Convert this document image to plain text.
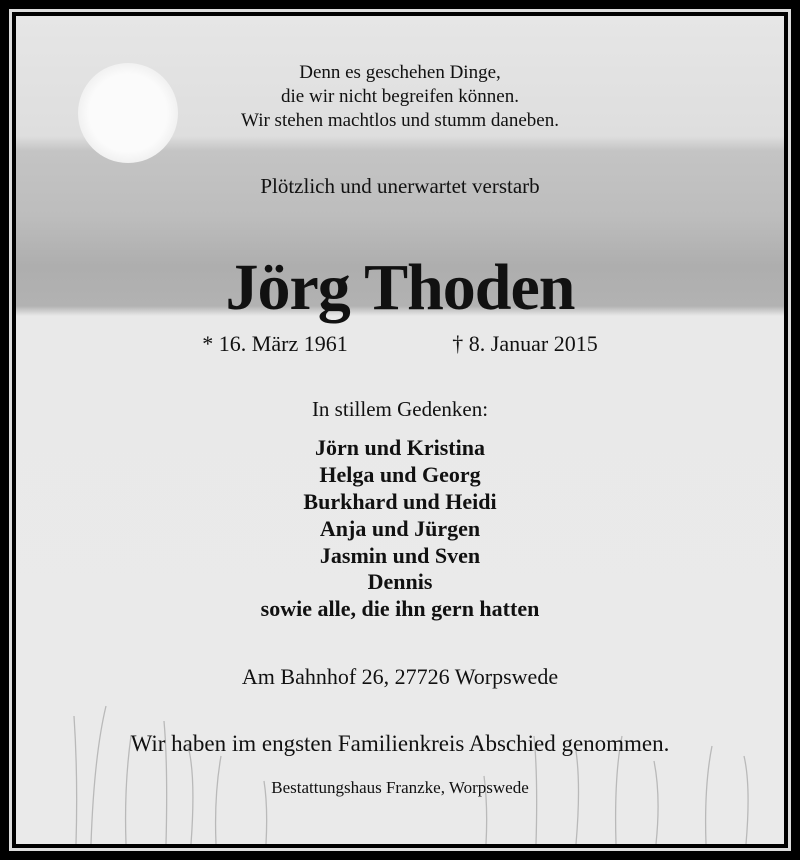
Denn es geschehen Dinge,
die wir nicht begreifen können.
Wir stehen machtlos und stumm daneben.
Plötzlich und unerwartet verstarb
Jörg Thoden
* 16. März 1961	† 8. Januar 2015
In stillem Gedenken:
Jörn und Kristina
Helga und Georg
Burkhard und Heidi
Anja und Jürgen
Jasmin und Sven
Dennis
sowie alle, die ihn gern hatten
Am Bahnhof 26, 27726 Worpswede
Wir haben im engsten Familienkreis Abschied genommen.
Bestattungshaus Franzke, Worpswede
